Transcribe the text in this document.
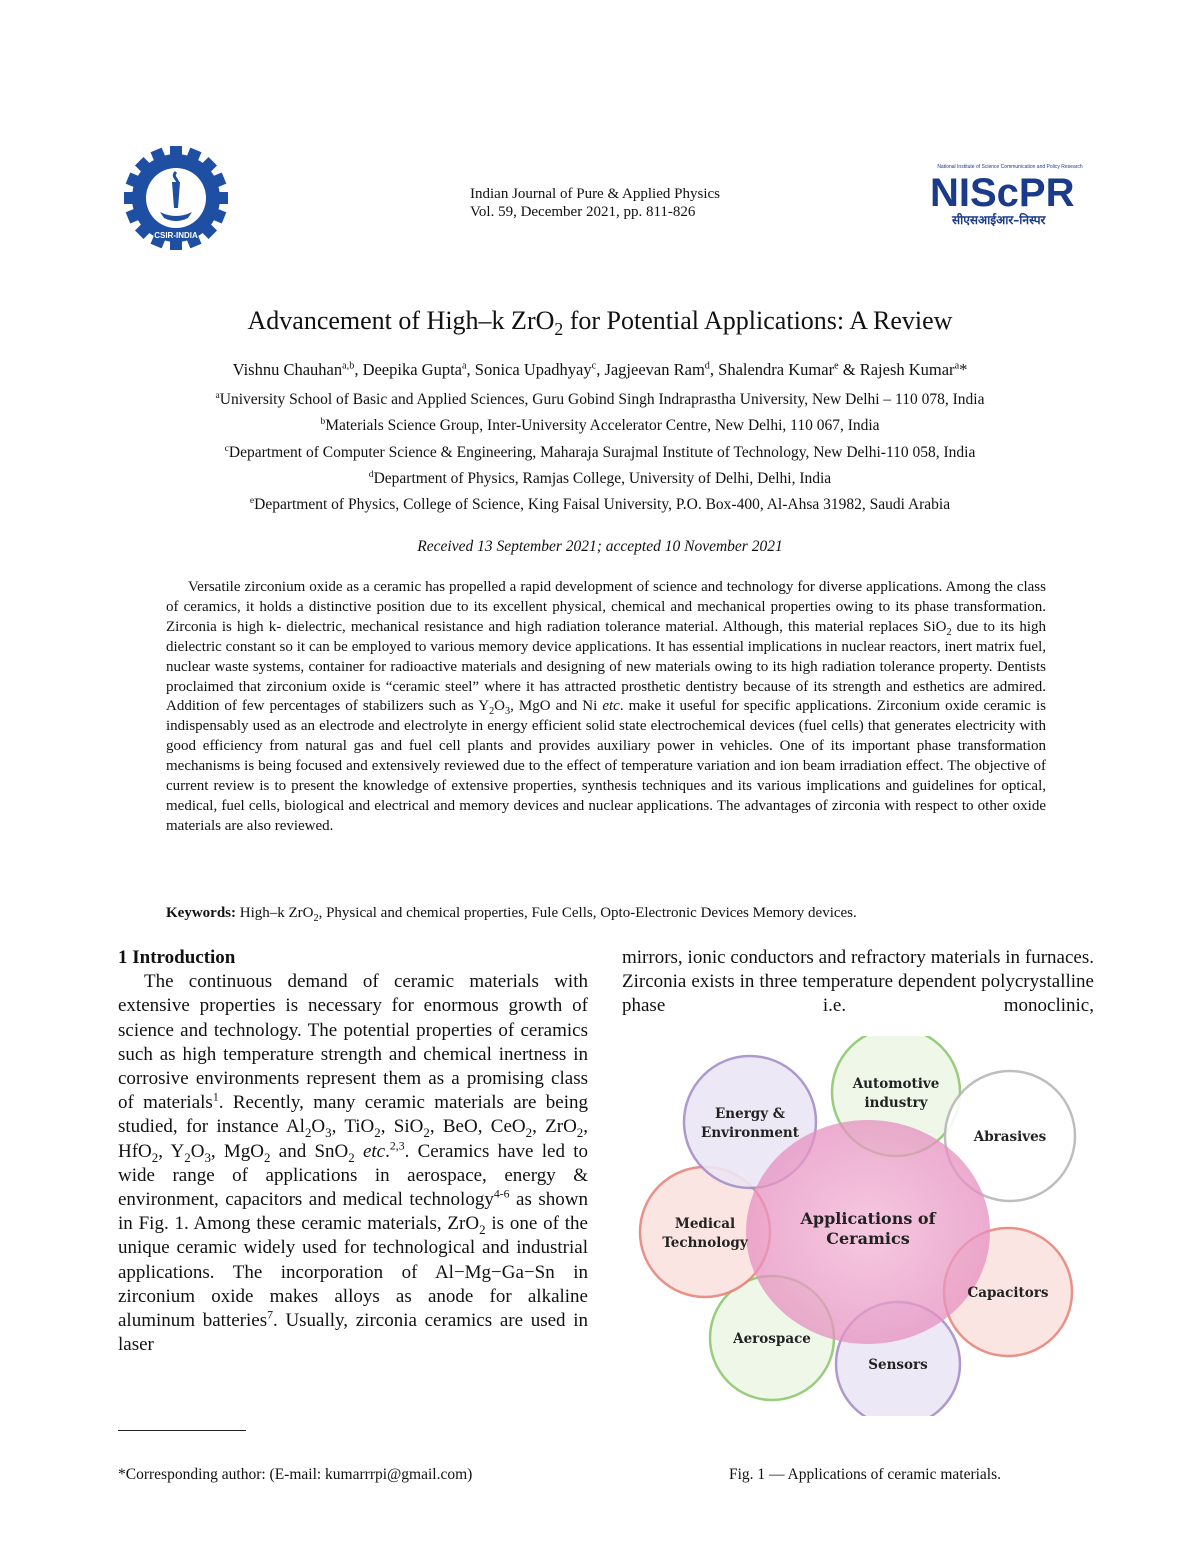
CSIR-INDIA
Indian Journal of Pure & Applied Physics
Vol. 59, December 2021, pp. 811-826
National Institute of Science Communication and Policy Research
NIScPR
सीएसआईआर–निस्पर
Advancement of High–k ZrO$_2$ for Potential Applications: A Review
Vishnu Chauhan$^{a,b}$, Deepika Gupta$^a$, Sonica Upadhyay$^c$, Jagjeevan Ram$^d$, Shalendra Kumar$^e$ & Rajesh Kumar$^a$*
$^a$University School of Basic and Applied Sciences, Guru Gobind Singh Indraprastha University, New Delhi – 110 078, India
$^b$Materials Science Group, Inter-University Accelerator Centre, New Delhi, 110 067, India
$^c$Department of Computer Science & Engineering, Maharaja Surajmal Institute of Technology, New Delhi-110 058, India
$^d$Department of Physics, Ramjas College, University of Delhi, Delhi, India
$^e$Department of Physics, College of Science, King Faisal University, P.O. Box-400, Al-Ahsa 31982, Saudi Arabia
Received 13 September 2021; accepted 10 November 2021
Versatile zirconium oxide as a ceramic has propelled a rapid development of science and technology for diverse applications. Among the class of ceramics, it holds a distinctive position due to its excellent physical, chemical and mechanical properties owing to its phase transformation. Zirconia is high k- dielectric, mechanical resistance and high radiation tolerance material. Although, this material replaces SiO$_2$ due to its high dielectric constant so it can be employed to various memory device applications. It has essential implications in nuclear reactors, inert matrix fuel, nuclear waste systems, container for radioactive materials and designing of new materials owing to its high radiation tolerance property. Dentists proclaimed that zirconium oxide is “ceramic steel” where it has attracted prosthetic dentistry because of its strength and esthetics are admired. Addition of few percentages of stabilizers such as $Y_2O_3$, MgO and Ni etc. make it useful for specific applications. Zirconium oxide ceramic is indispensably used as an electrode and electrolyte in energy efficient solid state electrochemical devices (fuel cells) that generates electricity with good efficiency from natural gas and fuel cell plants and provides auxiliary power in vehicles. One of its important phase transformation mechanisms is being focused and extensively reviewed due to the effect of temperature variation and ion beam irradiation effect. The objective of current review is to present the knowledge of extensive properties, synthesis techniques and its various implications and guidelines for optical, medical, fuel cells, biological and electrical and memory devices and nuclear applications. The advantages of zirconia with respect to other oxide materials are also reviewed.
Keywords: High–k ZrO$_2$, Physical and chemical properties, Fule Cells, Opto-Electronic Devices Memory devices.
1 Introduction

The continuous demand of ceramic materials with extensive properties is necessary for enormous growth of science and technology. The potential properties of ceramics such as high temperature strength and chemical inertness in corrosive environments represent them as a promising class of materials$^1$. Recently, many ceramic materials are being studied, for instance $Al_2O_3$, TiO$_2$, SiO$_2$, BeO, CeO$_2$, ZrO$_2$, HfO$_2$, $Y_2O_3$, MgO$_2$ and SnO$_2$ etc.$^{2,3}$. Ceramics have led to wide range of applications in aerospace, energy & environment, capacitors and medical technology$^{4-6}$ as shown in Fig. 1. Among these ceramic materials, ZrO$_2$ is one of the unique ceramic widely used for technological and industrial applications. The incorporation of Al−Mg−Ga−Sn in zirconium oxide makes alloys as anode for alkaline aluminum batteries$^7$. Usually, zirconia ceramics are used in laser

mirrors, ionic conductors and refractory materials in furnaces. Zirconia exists in three temperature dependent polycrystalline phase i.e. monoclinic,
Automotive
industry
Abrasives
Capacitors
Sensors
Aerospace
Medical
Technology
Energy &
Environment
Applications of
Ceramics
Fig. 1 — Applications of ceramic materials.
*Corresponding author: (E-mail: kumarrrpi@gmail.com)
